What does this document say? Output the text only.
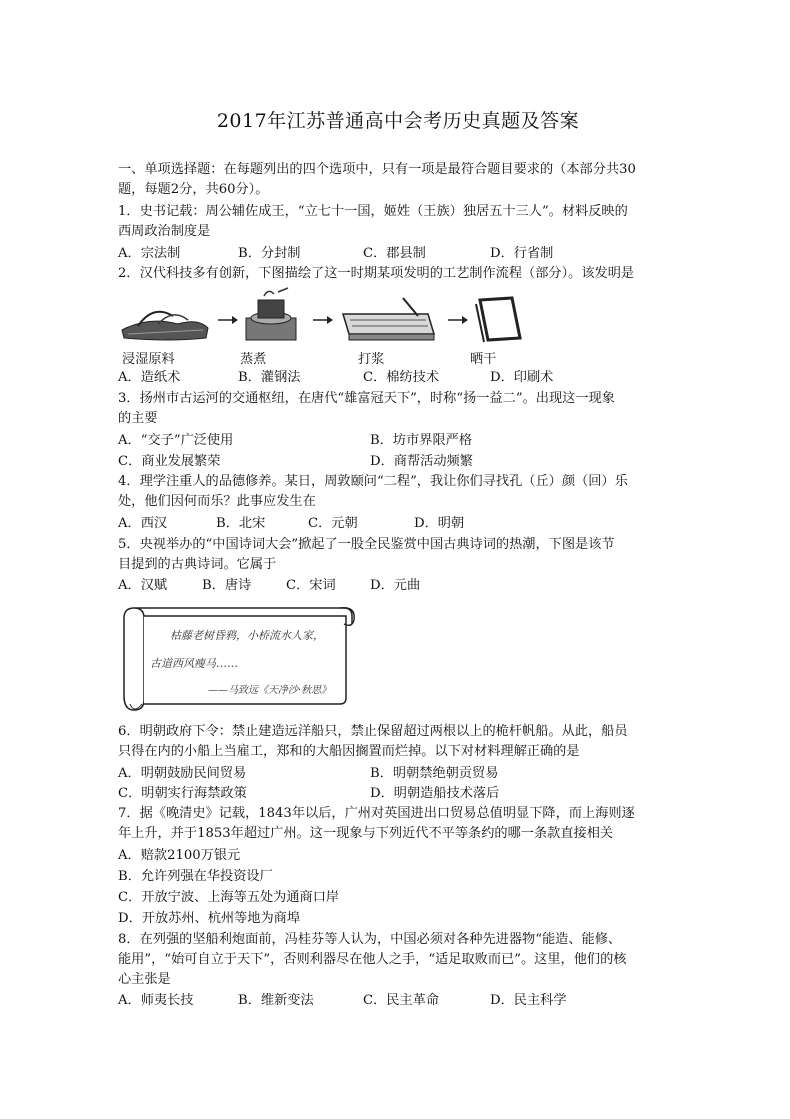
2017年江苏普通高中会考历史真题及答案
一、单项选择题：在每题列出的四个选项中，只有一项是最符合题目要求的（本部分共30
题，每题2分，共60分）。
1．史书记载：周公辅佐成王，“立七十一国，姬姓（王族）独居五十三人”。材料反映的
西周政治制度是
A．宗法制	B．分封制	C．郡县制	D．行省制
2．汉代科技多有创新，下图描绘了这一时期某项发明的工艺制作流程（部分）。该发明是
浸湿原料	蒸煮	打浆	晒干
A．造纸术	B．灌钢法	C．棉纺技术	D．印刷术
3．扬州市古运河的交通枢纽，在唐代“雄富冠天下”，时称“扬一益二”。出现这一现象
的主要
A．“交子”广泛使用	B．坊市界限严格
C．商业发展繁荣	D．商帮活动频繁
4．理学注重人的品德修养。某日，周敦颐问“二程”，我让你们寻找孔（丘）颜（回）乐
处，他们因何而乐？此事应发生在
A．西汉	B．北宋	C．元朝	D．明朝
5．央视举办的“中国诗词大会”掀起了一股全民鉴赏中国古典诗词的热潮，下图是该节
目提到的古典诗词。它属于
A．汉赋	B．唐诗	C．宋词	D．元曲
枯藤老树昏鸦，小桥流水人家，
古道西风瘦马……
——马致远《天净沙·秋思》
6．明朝政府下令：禁止建造远洋船只，禁止保留超过两根以上的桅杆帆船。从此，船员
只得在内的小船上当雇工，郑和的大船因搁置而烂掉。以下对材料理解正确的是
A．明朝鼓励民间贸易	B．明朝禁绝朝贡贸易
C．明朝实行海禁政策	D．明朝造船技术落后
7．据《晚清史》记载，1843年以后，广州对英国进出口贸易总值明显下降，而上海则逐
年上升，并于1853年超过广州。这一现象与下列近代不平等条约的哪一条款直接相关
A．赔款2100万银元
B．允许列强在华投资设厂
C．开放宁波、上海等五处为通商口岸
D．开放苏州、杭州等地为商埠
8．在列强的坚船利炮面前，冯桂芬等人认为，中国必须对各种先进器物“能造、能修、
能用”，“始可自立于天下”，否则利器尽在他人之手，“适足取败而已”。这里，他们的核
心主张是
A．师夷长技	B．维新变法	C．民主革命	D．民主科学
